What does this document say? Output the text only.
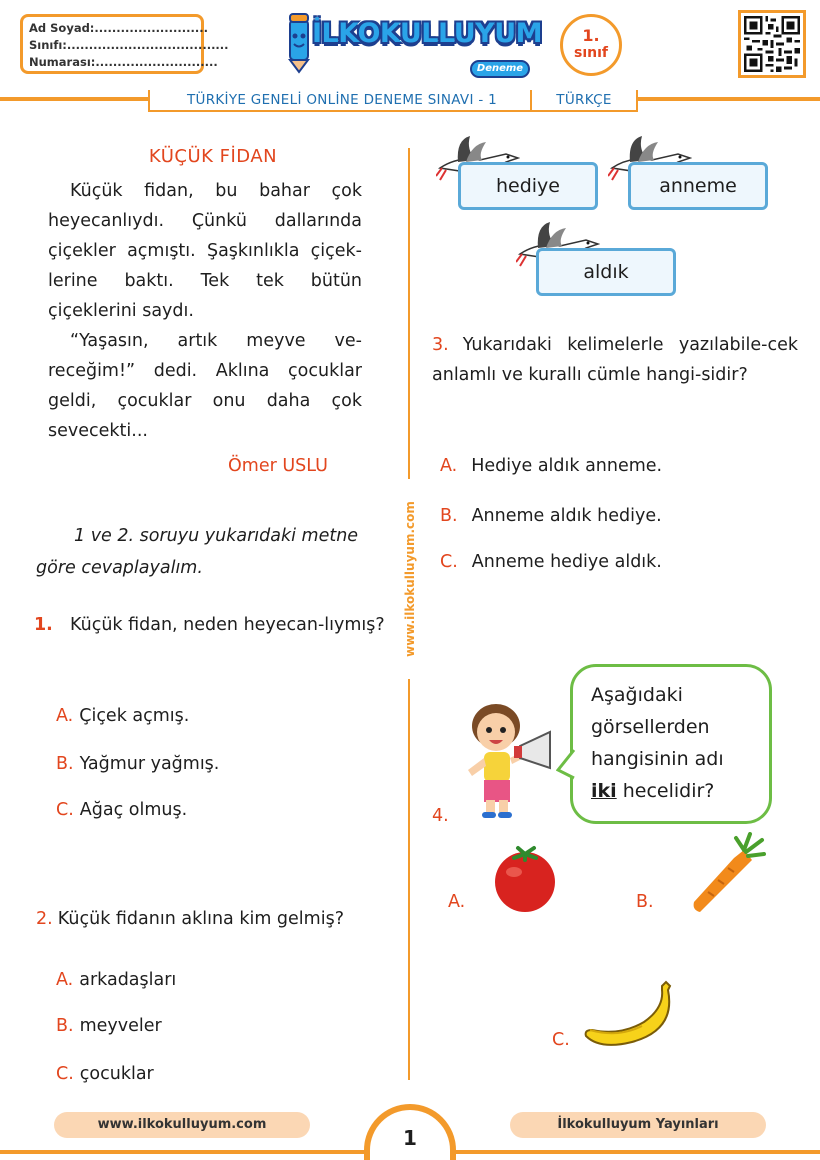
Ad Soyad:..........................
Sınıfı:.....................................
Numarası:............................
İLKOKULLUYUM
Deneme
1.
sınıf
TÜRKİYE GENELİ ONLİNE DENEME SINAVI - 1	TÜRKÇE
www.ilkokulluyum.com
KÜÇÜK FİDAN

Küçük fidan, bu bahar çok heyecanlıydı. Çünkü dallarında çiçekler açmıştı. Şaşkınlıkla çiçek-lerine baktı. Tek tek bütün çiçeklerini saydı.

“Yaşasın, artık meyve ve-receğim!” dedi. Aklına çocuklar geldi, çocuklar onu daha çok sevecekti...

Ömer USLU
1 ve 2. soruyu yukarıdaki metne göre cevaplayalım.
1. Küçük fidan, neden heyecan-lıymış?
A. Çiçek açmış.
B. Yağmur yağmış.
C. Ağaç olmuş.
2. Küçük fidanın aklına kim gelmiş?
A. arkadaşları
B. meyveler
C. çocuklar
hediye	anneme
aldık
3. Yukarıdaki kelimelerle yazılabile-cek anlamlı ve kurallı cümle hangi-sidir?
A. Hediye aldık anneme.
B. Anneme aldık hediye.
C. Anneme hediye aldık.
Aşağıdaki
görsellerden
hangisinin adı
iki hecelidir?
4.
A.	B.
C.
www.ilkokulluyum.com
1
İlkokulluyum Yayınları
